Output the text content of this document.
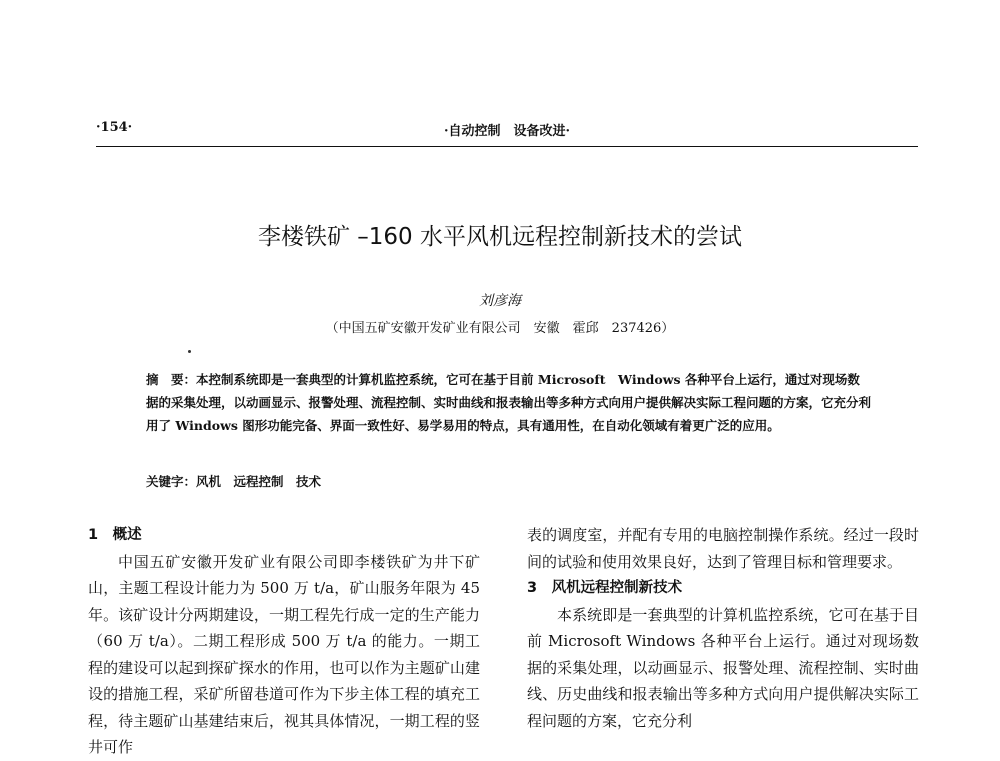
·154·	·自动控制　设备改进·
李楼铁矿 –160 水平风机远程控制新技术的尝试
刘彦海
（中国五矿安徽开发矿业有限公司　安徽　霍邱　237426）
摘　要：本控制系统即是一套典型的计算机监控系统，它可在基于目前 Microsoft　Windows 各种平台上运行，通过对现场数据的采集处理，以动画显示、报警处理、流程控制、实时曲线和报表输出等多种方式向用户提供解决实际工程问题的方案，它充分利用了 Windows 图形功能完备、界面一致性好、易学易用的特点，具有通用性，在自动化领域有着更广泛的应用。
关键字：风机　远程控制　技术
1　概述
中国五矿安徽开发矿业有限公司即李楼铁矿为井下矿山，主题工程设计能力为 500 万 t/a，矿山服务年限为 45 年。该矿设计分两期建设，一期工程先行成一定的生产能力（60 万 t/a）。二期工程形成 500 万 t/a 的能力。一期工程的建设可以起到探矿探水的作用，也可以作为主题矿山建设的措施工程，采矿所留巷道可作为下步主体工程的填充工程，待主题矿山基建结束后，视其具体情况，一期工程的竖井可作
表的调度室，并配有专用的电脑控制操作系统。经过一段时间的试验和使用效果良好，达到了管理目标和管理要求。
3　风机远程控制新技术
本系统即是一套典型的计算机监控系统，它可在基于目前 Microsoft Windows 各种平台上运行。通过对现场数据的采集处理，以动画显示、报警处理、流程控制、实时曲线、历史曲线和报表输出等多种方式向用户提供解决实际工程问题的方案，它充分利
